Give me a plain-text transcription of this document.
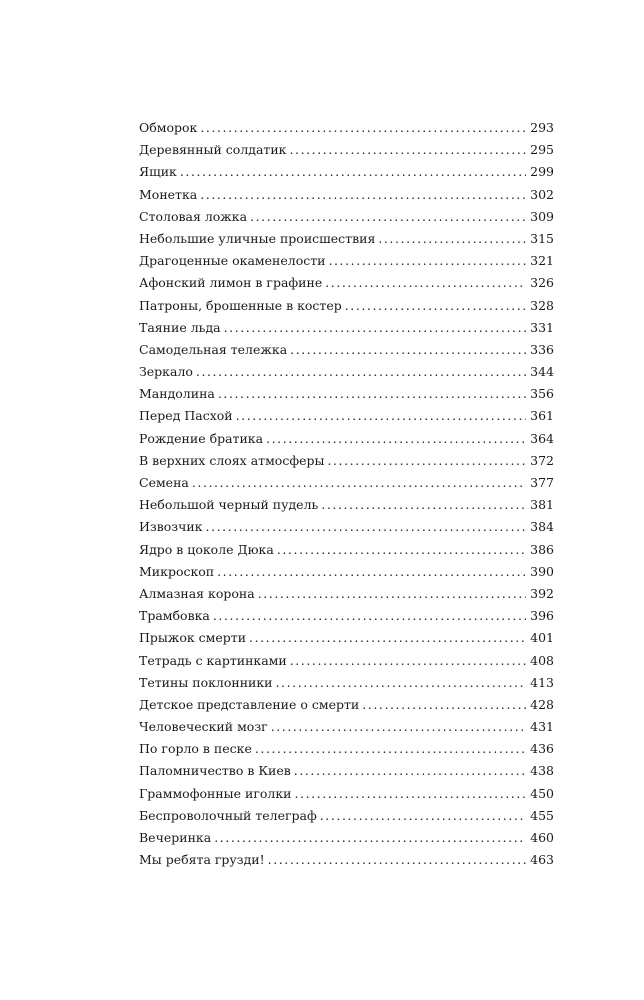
Обморок . . .	293
Деревянный солдатик . . .	295
Ящик . . .	299
Монетка . . .	302
Столовая ложка . . .	309
Небольшие уличные происшествия . . .	315
Драгоценные окаменелости . . .	321
Афонский лимон в графине . . .	326
Патроны, брошенные в костер . . .	328
Таяние льда . . .	331
Самодельная тележка . . .	336
Зеркало . . .	344
Мандолина . . .	356
Перед Пасхой . . .	361
Рождение братика . . .	364
В верхних слоях атмосферы . . .	372
Семена . . .	377
Небольшой черный пудель . . .	381
Извозчик . . .	384
Ядро в цоколе Дюка . . .	386
Микроскоп . . .	390
Алмазная корона . . .	392
Трамбовка . . .	396
Прыжок смерти . . .	401
Тетрадь с картинками . . .	408
Тетины поклонники . . .	413
Детское представление о смерти . . .	428
Человеческий мозг . . .	431
По горло в песке . . .	436
Паломничество в Киев . . .	438
Граммофонные иголки . . .	450
Беспроволочный телеграф . . .	455
Вечеринка . . .	460
Мы ребята грузди! . . .	463
